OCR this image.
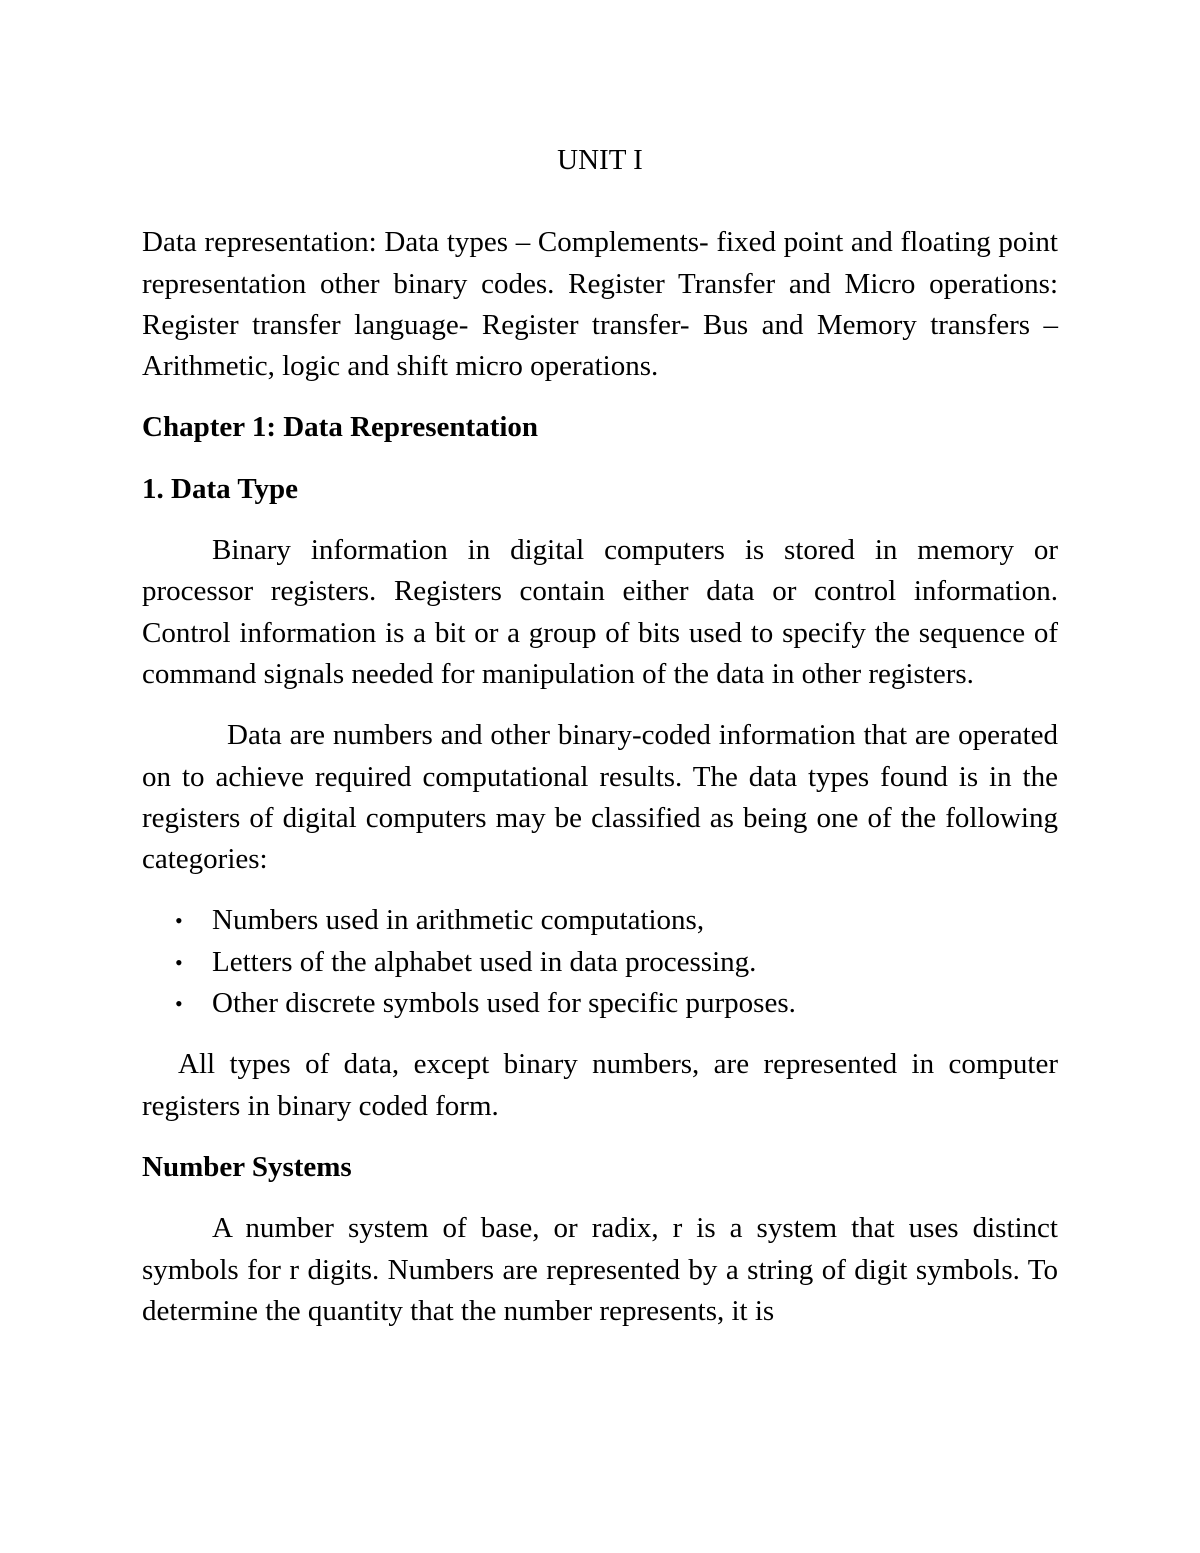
UNIT I

Data representation: Data types – Complements- fixed point and floating point representation other binary codes. Register Transfer and Micro operations: Register transfer language- Register transfer- Bus and Memory transfers – Arithmetic, logic and shift micro operations.

Chapter 1: Data Representation
1. Data Type

Binary information in digital computers is stored in memory or processor registers. Registers contain either data or control information. Control information is a bit or a group of bits used to specify the sequence of command signals needed for manipulation of the data in other registers.

Data are numbers and other binary-coded information that are operated on to achieve required computational results. The data types found is in the registers of digital computers may be classified as being one of the following categories:

• Numbers used in arithmetic computations,
• Letters of the alphabet used in data processing.
• Other discrete symbols used for specific purposes.

All types of data, except binary numbers, are represented in computer registers in binary coded form.

Number Systems

A number system of base, or radix, r is a system that uses distinct symbols for r digits. Numbers are represented by a string of digit symbols. To determine the quantity that the number represents, it is
